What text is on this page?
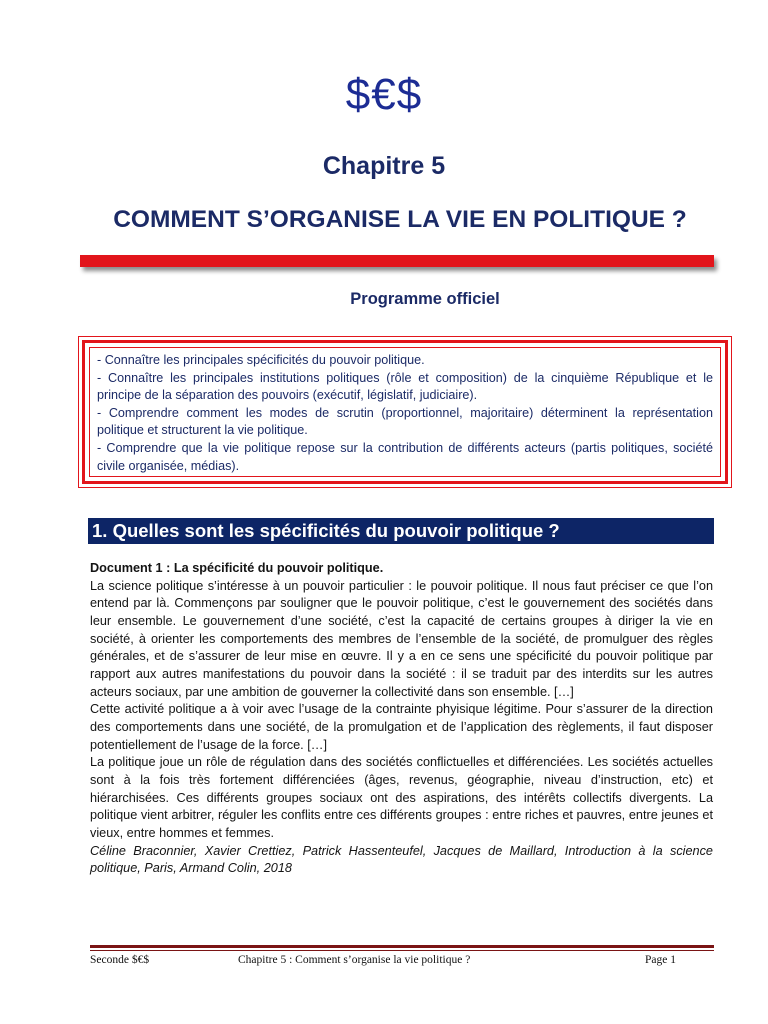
$€$
Chapitre 5
COMMENT S’ORGANISE LA VIE EN POLITIQUE ?
Programme officiel
- Connaître les principales spécificités du pouvoir politique.
- Connaître les principales institutions politiques (rôle et composition) de la cinquième République et le principe de la séparation des pouvoirs (exécutif, législatif, judiciaire).
- Comprendre comment les modes de scrutin (proportionnel, majoritaire) déterminent la représentation politique et structurent la vie politique.
- Comprendre que la vie politique repose sur la contribution de différents acteurs (partis politiques, société civile organisée, médias).
1. Quelles sont les spécificités du pouvoir politique ?
Document 1 : La spécificité du pouvoir politique.

La science politique s’intéresse à un pouvoir particulier : le pouvoir politique. Il nous faut préciser ce que l’on entend par là. Commençons par souligner que le pouvoir politique, c’est le gouvernement des sociétés dans leur ensemble. Le gouvernement d’une société, c’est la capacité de certains groupes à diriger la vie en société, à orienter les comportements des membres de l’ensemble de la société, de promulguer des règles générales, et de s’assurer de leur mise en œuvre. Il y a en ce sens une spécificité du pouvoir politique par rapport aux autres manifestations du pouvoir dans la société : il se traduit par des interdits sur les autres acteurs sociaux, par une ambition de gouverner la collectivité dans son ensemble. […]

Cette activité politique a à voir avec l’usage de la contrainte phyisique légitime. Pour s’assurer de la direction des comportements dans une société, de la promulgation et de l’application des règlements, il faut disposer potentiellement de l’usage de la force. […]

La politique joue un rôle de régulation dans des sociétés conflictuelles et différenciées. Les sociétés actuelles sont à la fois très fortement différenciées (âges, revenus, géographie, niveau d’instruction, etc) et hiérarchisées. Ces différents groupes sociaux ont des aspirations, des intérêts collectifs divergents. La politique vient arbitrer, réguler les conflits entre ces différents groupes : entre riches et pauvres, entre jeunes et vieux, entre hommes et femmes.

Céline Braconnier, Xavier Crettiez, Patrick Hassenteufel, Jacques de Maillard, Introduction à la science politique, Paris, Armand Colin, 2018

Seconde $€$	Chapitre 5 : Comment s’organise la vie politique ?	Page 1
